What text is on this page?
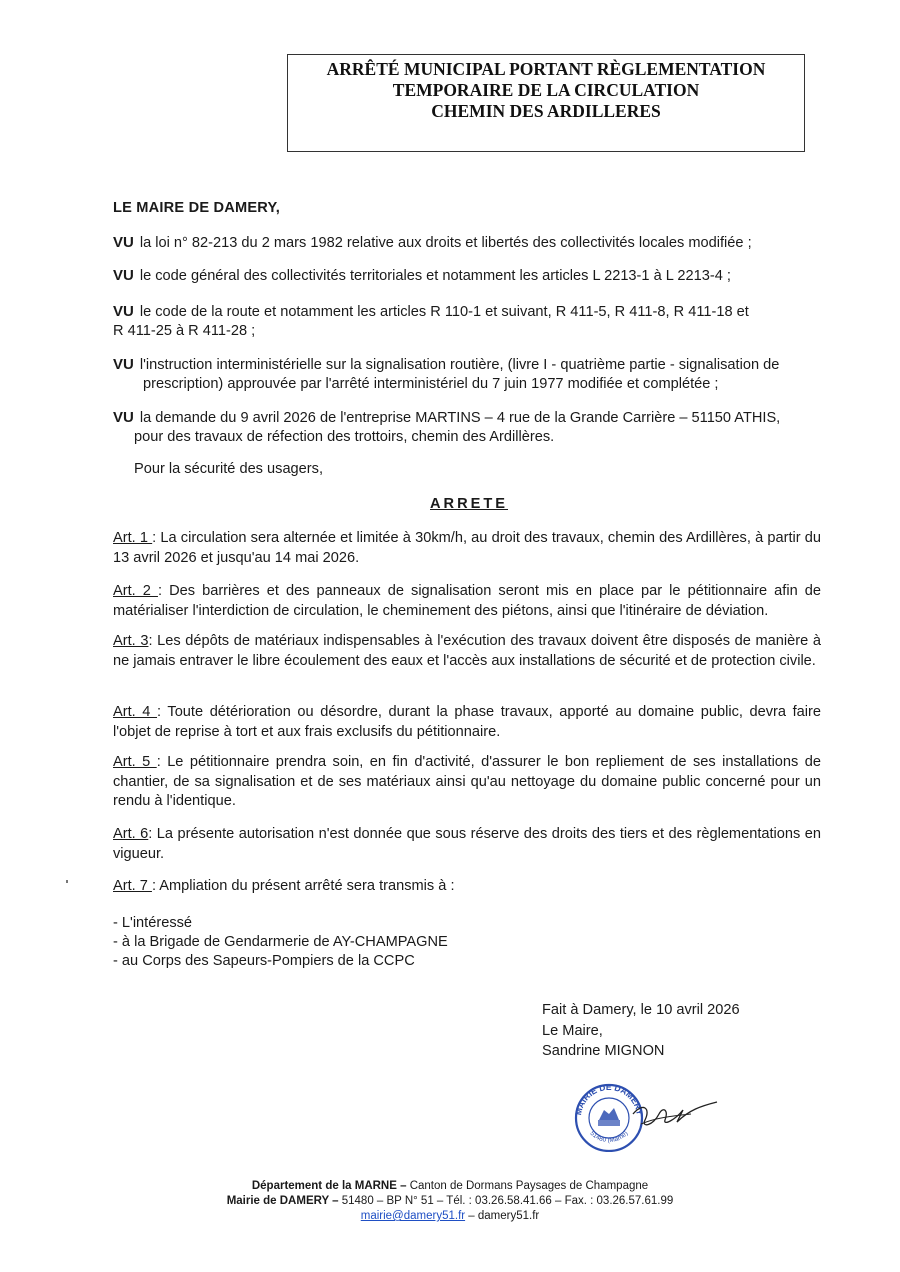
ARRÊTÉ MUNICIPAL PORTANT RÈGLEMENTATION
TEMPORAIRE DE LA CIRCULATION
CHEMIN DES ARDILLERES
LE MAIRE DE DAMERY,
VU la loi n° 82-213 du 2 mars 1982 relative aux droits et libertés des collectivités locales modifiée ;
VU le code général des collectivités territoriales et notamment les articles L 2213-1 à L 2213-4 ;
VU le code de la route et notamment les articles R 110-1 et suivant, R 411-5, R 411-8, R 411-18 et
R 411-25 à R 411-28 ;
VU l'instruction interministérielle sur la signalisation routière, (livre I - quatrième partie - signalisation de
prescription) approuvée par l'arrêté interministériel du 7 juin 1977 modifiée et complétée ;
VU la demande du 9 avril 2026 de l'entreprise MARTINS – 4 rue de la Grande Carrière – 51150 ATHIS,
pour des travaux de réfection des trottoirs, chemin des Ardillères.
Pour la sécurité des usagers,
ARRETE
Art. 1 : La circulation sera alternée et limitée à 30km/h, au droit des travaux, chemin des Ardillères, à partir du 13 avril 2026 et jusqu'au 14 mai 2026.
Art. 2 : Des barrières et des panneaux de signalisation seront mis en place par le pétitionnaire afin de matérialiser l'interdiction de circulation, le cheminement des piétons, ainsi que l'itinéraire de déviation.
Art. 3: Les dépôts de matériaux indispensables à l'exécution des travaux doivent être disposés de manière à ne jamais entraver le libre écoulement des eaux et l'accès aux installations de sécurité et de protection civile.
Art. 4 : Toute détérioration ou désordre, durant la phase travaux, apporté au domaine public, devra faire l'objet de reprise à tort et aux frais exclusifs du pétitionnaire.
Art. 5 : Le pétitionnaire prendra soin, en fin d'activité, d'assurer le bon repliement de ses installations de chantier, de sa signalisation et de ses matériaux ainsi qu'au nettoyage du domaine public concerné pour un rendu à l'identique.
Art. 6: La présente autorisation n'est donnée que sous réserve des droits des tiers et des règlementations en vigueur.
Art. 7 : Ampliation du présent arrêté sera transmis à :
- L'intéressé
- à la Brigade de Gendarmerie de AY-CHAMPAGNE
- au Corps des Sapeurs-Pompiers de la CCPC
Fait à Damery, le 10 avril 2026
Le Maire,
Sandrine MIGNON
MAIRIE DE DAMERY
51480 (Marne)
Département de la MARNE – Canton de Dormans Paysages de Champagne
Mairie de DAMERY – 51480 – BP N° 51 – Tél. : 03.26.58.41.66 – Fax. : 03.26.57.61.99
mairie@damery51.fr – damery51.fr
